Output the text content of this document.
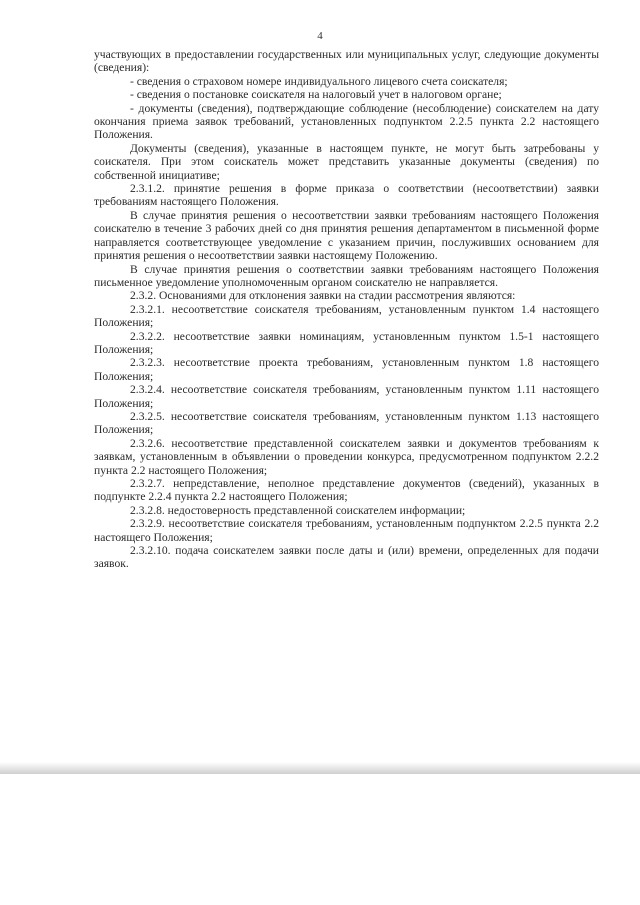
4

участвующих в предоставлении государственных или муниципальных услуг, следующие документы (сведения):

- сведения о страховом номере индивидуального лицевого счета соискателя;

- сведения о постановке соискателя на налоговый учет в налоговом органе;

- документы (сведения), подтверждающие соблюдение (несоблюдение) соискателем на дату окончания приема заявок требований, установленных подпунктом 2.2.5 пункта 2.2 настоящего Положения.

Документы (сведения), указанные в настоящем пункте, не могут быть затребованы у соискателя. При этом соискатель может представить указанные документы (сведения) по собственной инициативе;

2.3.1.2. принятие решения в форме приказа о соответствии (несоответствии) заявки требованиям настоящего Положения.

В случае принятия решения о несоответствии заявки требованиям настоящего Положения соискателю в течение 3 рабочих дней со дня принятия решения департаментом в письменной форме направляется соответствующее уведомление с указанием причин, послуживших основанием для принятия решения о несоответствии заявки настоящему Положению.

В случае принятия решения о соответствии заявки требованиям настоящего Положения письменное уведомление уполномоченным органом соискателю не направляется.

2.3.2. Основаниями для отклонения заявки на стадии рассмотрения являются:

2.3.2.1. несоответствие соискателя требованиям, установленным пунктом 1.4 настоящего Положения;

2.3.2.2. несоответствие заявки номинациям, установленным пунктом 1.5-1 настоящего Положения;

2.3.2.3. несоответствие проекта требованиям, установленным пунктом 1.8 настоящего Положения;

2.3.2.4. несоответствие соискателя требованиям, установленным пунктом 1.11 настоящего Положения;

2.3.2.5. несоответствие соискателя требованиям, установленным пунктом 1.13 настоящего Положения;

2.3.2.6. несоответствие представленной соискателем заявки и документов требованиям к заявкам, установленным в объявлении о проведении конкурса, предусмотренном подпунктом 2.2.2 пункта 2.2 настоящего Положения;

2.3.2.7. непредставление, неполное представление документов (сведений), указанных в подпункте 2.2.4 пункта 2.2 настоящего Положения;

2.3.2.8. недостоверность представленной соискателем информации;

2.3.2.9. несоответствие соискателя требованиям, установленным подпунктом 2.2.5 пункта 2.2 настоящего Положения;

2.3.2.10. подача соискателем заявки после даты и (или) времени, определенных для подачи заявок.
